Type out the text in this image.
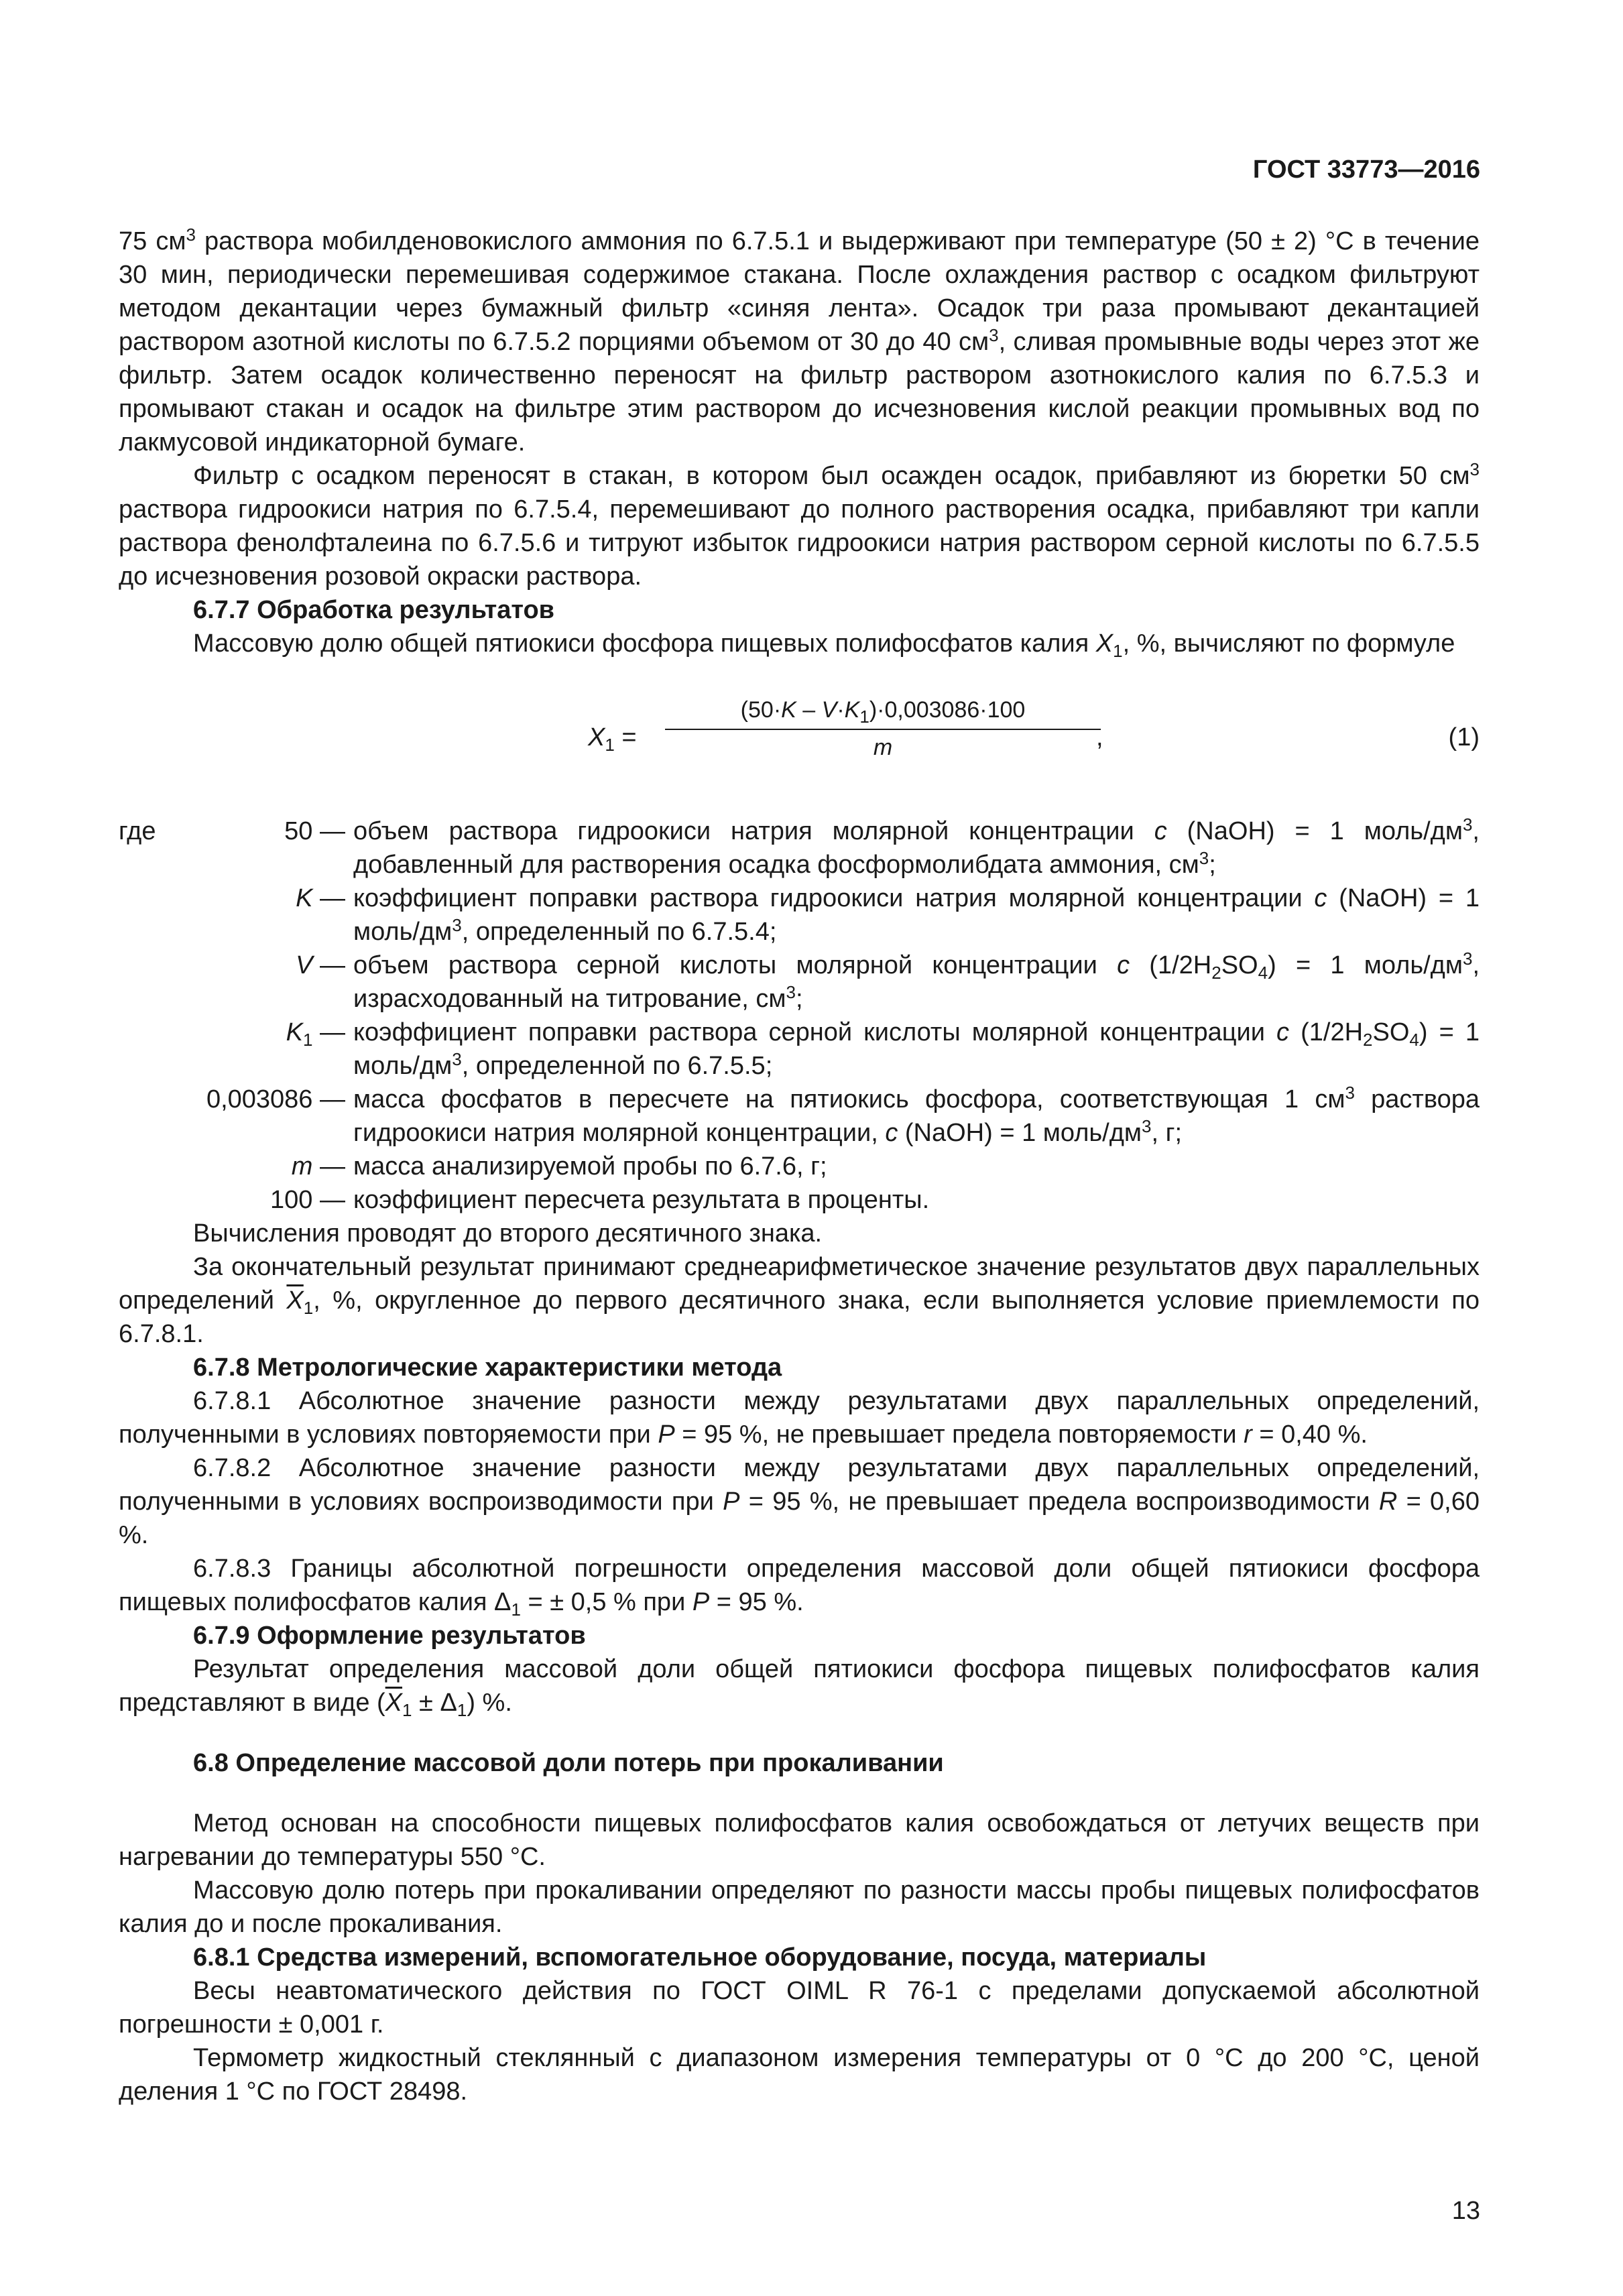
ГОСТ 33773—2016

75 $см^3$ раствора мобилденовокислого аммония по 6.7.5.1 и выдерживают при температуре (50 ± 2) °С в течение 30 мин, периодически перемешивая содержимое стакана. После охлаждения раствор с осадком фильтруют методом декантации через бумажный фильтр «синяя лента». Осадок три раза промывают декантацией раствором азотной кислоты по 6.7.5.2 порциями объемом от 30 до 40 $см^3$, сливая промывные воды через этот же фильтр. Затем осадок количественно переносят на фильтр раствором азотнокислого калия по 6.7.5.3 и промывают стакан и осадок на фильтре этим раствором до исчезновения кислой реакции промывных вод по лакмусовой индикаторной бумаге.

Фильтр с осадком переносят в стакан, в котором был осажден осадок, прибавляют из бюретки 50 $см^3$ раствора гидроокиси натрия по 6.7.5.4, перемешивают до полного растворения осадка, прибавляют три капли раствора фенолфталеина по 6.7.5.6 и титруют избыток гидроокиси натрия раствором серной кислоты по 6.7.5.5 до исчезновения розовой окраски раствора.

6.7.7 Обработка результатов

Массовую долю общей пятиокиси фосфора пищевых полифосфатов калия $X_1$, %, вычисляют по формуле

$X_1 = \frac{(50\cdot K - V\cdot K_1)\cdot 0,003086\cdot 100}{m}$
,	(1)
где	50 — объем раствора гидроокиси натрия молярной концентрации c (NaOH) = 1 моль/$дм^3$, добавленный для растворения осадка фосформолибдата аммония, $см^3$;
K — коэффициент поправки раствора гидроокиси натрия молярной концентрации c (NaOH) = 1 моль/$дм^3$, определенный по 6.7.5.4;
V — объем раствора серной кислоты молярной концентрации c $(1/2H_2SO_4) = 1$ моль/$дм^3$, израсходованный на титрование, $см^3$;
$K_1$ — коэффициент поправки раствора серной кислоты молярной концентрации c $(1/2H_2SO_4) = 1$ моль/$дм^3$, определенной по 6.7.5.5;
0,003086 — масса фосфатов в пересчете на пятиокись фосфора, соответствующая 1 $см^3$ раствора гидроокиси натрия молярной концентрации, c (NaOH) = 1 моль/$дм^3$, г;
m — масса анализируемой пробы по 6.7.6, г;
100 — коэффициент пересчета результата в проценты.

Вычисления проводят до второго десятичного знака.

За окончательный результат принимают среднеарифметическое значение результатов двух параллельных определений $\overline{X}_1$, %, округленное до первого десятичного знака, если выполняется условие приемлемости по 6.7.8.1.

6.7.8 Метрологические характеристики метода

6.7.8.1 Абсолютное значение разности между результатами двух параллельных определений, полученными в условиях повторяемости при P = 95 %, не превышает предела повторяемости r = 0,40 %.

6.7.8.2 Абсолютное значение разности между результатами двух параллельных определений, полученными в условиях воспроизводимости при P = 95 %, не превышает предела воспроизводимости R = 0,60 %.

6.7.8.3 Границы абсолютной погрешности определения массовой доли общей пятиокиси фосфора пищевых полифосфатов калия $\Delta_1$ = ± 0,5 % при P = 95 %.

6.7.9 Оформление результатов

Результат определения массовой доли общей пятиокиси фосфора пищевых полифосфатов калия представляют в виде $(\overline{X}_1 \pm \Delta_1)$ %.

6.8 Определение массовой доли потерь при прокаливании

Метод основан на способности пищевых полифосфатов калия освобождаться от летучих веществ при нагревании до температуры 550 °С.

Массовую долю потерь при прокаливании определяют по разности массы пробы пищевых полифосфатов калия до и после прокаливания.

6.8.1 Средства измерений, вспомогательное оборудование, посуда, материалы

Весы неавтоматического действия по ГОСТ OIML R 76-1 с пределами допускаемой абсолютной погрешности ± 0,001 г.

Термометр жидкостный стеклянный с диапазоном измерения температуры от 0 °С до 200 °С, ценой деления 1 °С по ГОСТ 28498.

13
